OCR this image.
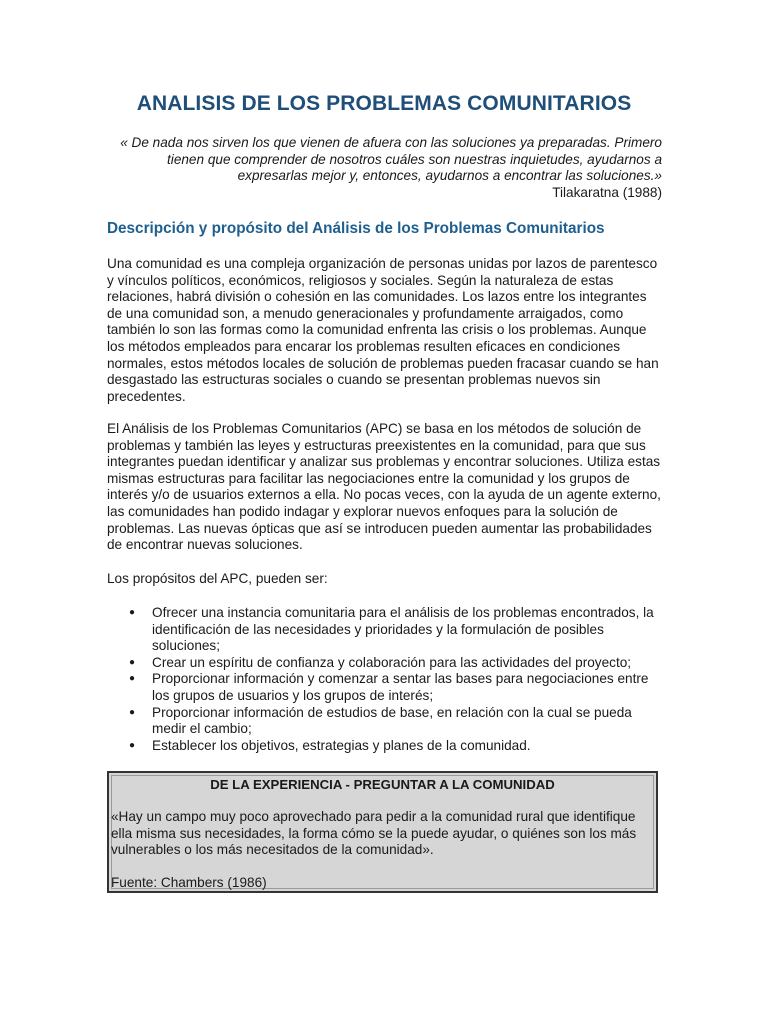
ANALISIS DE LOS PROBLEMAS COMUNITARIOS

« De nada nos sirven los que vienen de afuera con las soluciones ya preparadas. Primero tienen que comprender de nosotros cuáles son nuestras inquietudes, ayudarnos a expresarlas mejor y, entonces, ayudarnos a encontrar las soluciones.»
Tilakaratna (1988)

Descripción y propósito del Análisis de los Problemas Comunitarios

Una comunidad es una compleja organización de personas unidas por lazos de parentesco y vínculos políticos, económicos, religiosos y sociales. Según la naturaleza de estas relaciones, habrá división o cohesión en las comunidades. Los lazos entre los integrantes de una comunidad son, a menudo generacionales y profundamente arraigados, como también lo son las formas como la comunidad enfrenta las crisis o los problemas. Aunque los métodos empleados para encarar los problemas resulten eficaces en condiciones normales, estos métodos locales de solución de problemas pueden fracasar cuando se han desgastado las estructuras sociales o cuando se presentan problemas nuevos sin precedentes.

El Análisis de los Problemas Comunitarios (APC) se basa en los métodos de solución de problemas y también las leyes y estructuras preexistentes en la comunidad, para que sus integrantes puedan identificar y analizar sus problemas y encontrar soluciones. Utiliza estas mismas estructuras para facilitar las negociaciones entre la comunidad y los grupos de interés y/o de usuarios externos a ella. No pocas veces, con la ayuda de un agente externo, las comunidades han podido indagar y explorar nuevos enfoques para la solución de problemas. Las nuevas ópticas que así se introducen pueden aumentar las probabilidades de encontrar nuevas soluciones.

Los propósitos del APC, pueden ser:

● Ofrecer una instancia comunitaria para el análisis de los problemas encontrados, la identificación de las necesidades y prioridades y la formulación de posibles soluciones;
● Crear un espíritu de confianza y colaboración para las actividades del proyecto;
● Proporcionar información y comenzar a sentar las bases para negociaciones entre los grupos de usuarios y los grupos de interés;
● Proporcionar información de estudios de base, en relación con la cual se pueda medir el cambio;
● Establecer los objetivos, estrategias y planes de la comunidad.

DE LA EXPERIENCIA - PREGUNTAR A LA COMUNIDAD

«Hay un campo muy poco aprovechado para pedir a la comunidad rural que identifique ella misma sus necesidades, la forma cómo se la puede ayudar, o quiénes son los más vulnerables o los más necesitados de la comunidad».

Fuente: Chambers (1986)
